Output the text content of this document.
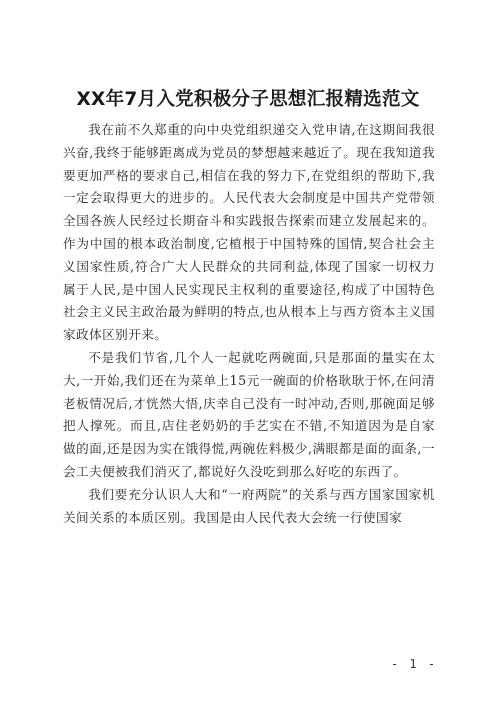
XX年7月入党积极分子思想汇报精选范文

我在前不久郑重的向中央党组织递交入党申请,在这期间我很兴奋,我终于能够距离成为党员的梦想越来越近了。现在我知道我要更加严格的要求自己,相信在我的努力下,在党组织的帮助下,我一定会取得更大的进步的。人民代表大会制度是中国共产党带领全国各族人民经过长期奋斗和实践报告探索而建立发展起来的。作为中国的根本政治制度,它植根于中国特殊的国情,契合社会主义国家性质,符合广大人民群众的共同利益,体现了国家一切权力属于人民,是中国人民实现民主权利的重要途径,构成了中国特色社会主义民主政治最为鲜明的特点,也从根本上与西方资本主义国家政体区别开来。

不是我们节省,几个人一起就吃两碗面,只是那面的量实在太大,一开始,我们还在为菜单上15元一碗面的价格耿耿于怀,在问清老板情况后,才恍然大悟,庆幸自己没有一时冲动,否则,那碗面足够把人撑死。而且,店住老奶奶的手艺实在不错,不知道因为是自家做的面,还是因为实在饿得慌,两碗佐料极少,满眼都是面的面条,一会工夫便被我们消灭了,都说好久没吃到那么好吃的东西了。

我们要充分认识人大和“一府两院”的关系与西方国家国家机关间关系的本质区别。我国是由人民代表大会统一行使国家

- 1 -
